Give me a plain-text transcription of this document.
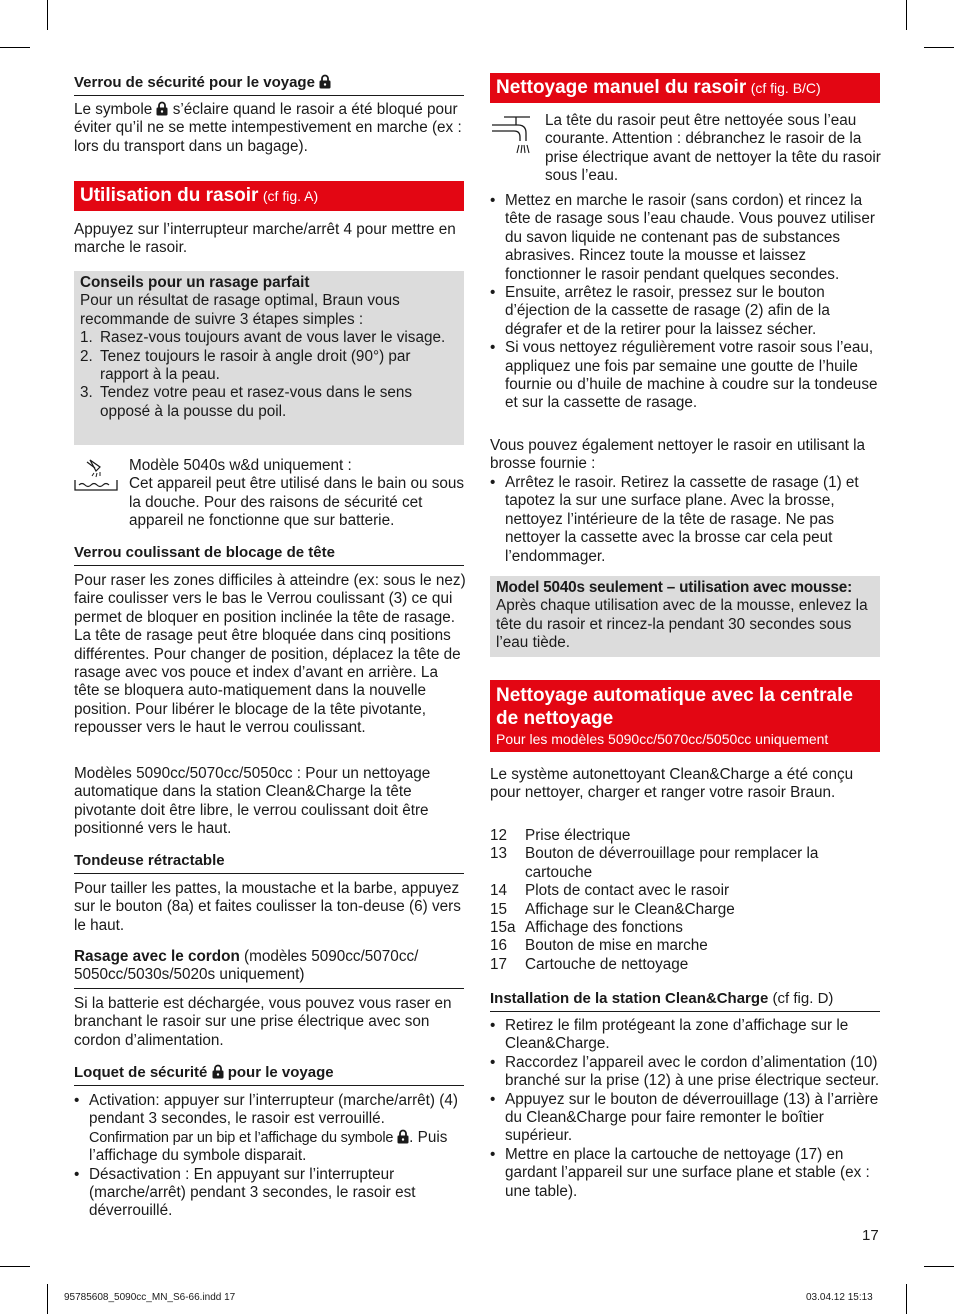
Verrou de sécurité pour le voyage

Le symbole s’éclaire quand le rasoir a été bloqué pour éviter qu’il ne se mette intempestivement en marche (ex : lors du transport dans un bagage).

Utilisation du rasoir (cf fig. A)

Appuyez sur l’interrupteur marche/arrêt 4 pour mettre en marche le rasoir.

Conseils pour un rasage parfait
Pour un résultat de rasage optimal, Braun vous recommande de suivre 3 étapes simples :
1. Rasez-vous toujours avant de vous laver le visage.
2. Tenez toujours le rasoir à angle droit (90°) par rapport à la peau.
3. Tendez votre peau et rasez-vous dans le sens opposé à la pousse du poil.

Modèle 5040s w&d uniquement :

Cet appareil peut être utilisé dans le bain ou sous la douche. Pour des raisons de sécurité cet appareil ne fonctionne que sur batterie.

Verrou coulissant de blocage de tête

Pour raser les zones difficiles à atteindre (ex: sous le nez) faire coulisser vers le bas le Verrou coulissant (3) ce qui permet de bloquer en position inclinée la tête de rasage. La tête de rasage peut être bloquée dans cinq positions différentes. Pour changer de position, déplacez la tête de rasage avec vos pouce et index d’avant en arrière. La tête se bloquera auto-matiquement dans la nouvelle position. Pour libérer le blocage de la tête pivotante, repousser vers le haut le verrou coulissant.

Modèles 5090cc/5070cc/5050cc : Pour un nettoyage automatique dans la station Clean&Charge la tête pivotante doit être libre, le verrou coulissant doit être positionné vers le haut.

Tondeuse rétractable

Pour tailler les pattes, la moustache et la barbe, appuyez sur le bouton (8a) et faites coulisser la ton-deuse (6) vers le haut.

Rasage avec le cordon (modèles 5090cc/5070cc/ 5050cc/5030s/5020s uniquement)

Si la batterie est déchargée, vous pouvez vous raser en branchant le rasoir sur une prise électrique avec son cordon d’alimentation.

Loquet de sécurité pour le voyage
• Activation: appuyer sur l’interrupteur (marche/arrêt) (4) pendant 3 secondes, le rasoir est verrouillé. Confirmation par un bip et l’affichage du symbole . Puis l’affichage du symbole disparait.
• Désactivation : En appuyant sur l’interrupteur (marche/arrêt) pendant 3 secondes, le rasoir est déverrouillé.
Nettoyage manuel du rasoir (cf fig. B/C)

La tête du rasoir peut être nettoyée sous l’eau courante. Attention : débranchez le rasoir de la prise électrique avant de nettoyer la tête du rasoir sous l’eau.

• Mettez en marche le rasoir (sans cordon) et rincez la tête de rasage sous l’eau chaude. Vous pouvez utiliser du savon liquide ne contenant pas de substances abrasives. Rincez toute la mousse et laissez fonctionner le rasoir pendant quelques secondes.
• Ensuite, arrêtez le rasoir, pressez sur le bouton d’éjection de la cassette de rasage (2) afin de la dégrafer et de la retirer pour la laissez sécher.
• Si vous nettoyez régulièrement votre rasoir sous l’eau, appliquez une fois par semaine une goutte de l’huile fournie ou d’huile de machine à coudre sur la tondeuse et sur la cassette de rasage.

Vous pouvez également nettoyer le rasoir en utilisant la brosse fournie :

• Arrêtez le rasoir. Retirez la cassette de rasage (1) et tapotez la sur une surface plane. Avec la brosse, nettoyez l’intérieure de la tête de rasage. Ne pas nettoyer la cassette avec la brosse car cela peut l’endommager.
Model 5040s seulement – utilisation avec mousse:
Après chaque utilisation avec de la mousse, enlevez la tête du rasoir et rincez-la pendant 30 secondes sous l’eau tiède.
Nettoyage automatique avec la centrale de nettoyage
Pour les modèles 5090cc/5070cc/5050cc uniquement

Le système autonettoyant Clean&Charge a été conçu pour nettoyer, charger et ranger votre rasoir Braun.

12 Prise électrique
13 Bouton de déverrouillage pour remplacer la cartouche
14 Plots de contact avec le rasoir
15 Affichage sur le Clean&Charge
15a Affichage des fonctions
16 Bouton de mise en marche
17 Cartouche de nettoyage

Installation de la station Clean&Charge (cf fig. D)

• Retirez le film protégeant la zone d’affichage sur le Clean&Charge.
• Raccordez l’appareil avec le cordon d’alimentation (10) branché sur la prise (12) à une prise électrique secteur.
• Appuyez sur le bouton de déverrouillage (13) à l’arrière du Clean&Charge pour faire remonter le boîtier supérieur.
• Mettre en place la cartouche de nettoyage (17) en gardant l’appareil sur une surface plane et stable (ex : une table).
17
95785608_5090cc_MN_S6-66.indd 17	03.04.12 15:13
